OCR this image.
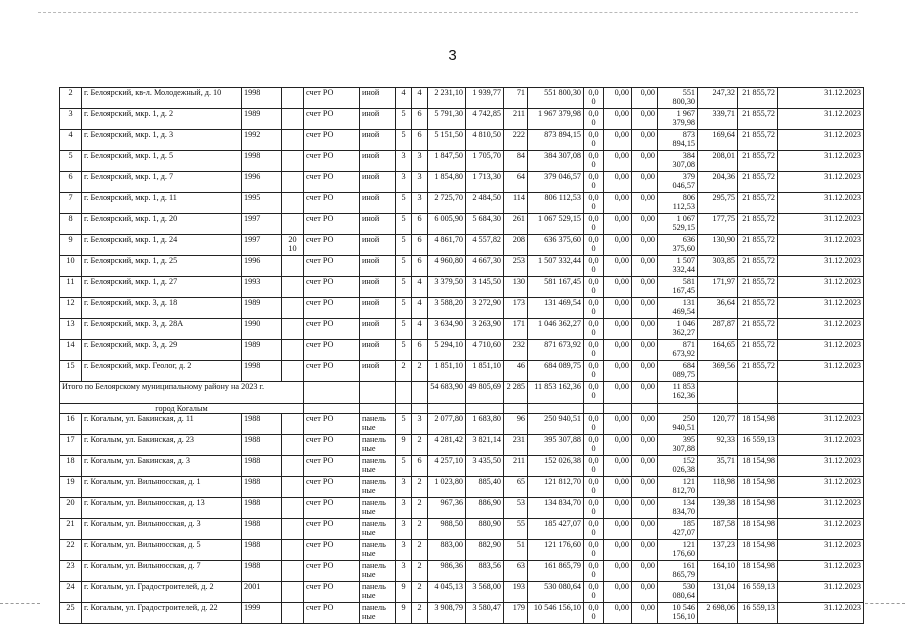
3
2	г. Белоярский, кв-л. Молодежный, д. 10	1998		счет РО	иной	4	4	2 231,10	1 939,77	71	551 800,30	0,0 0	0,00	0,00	551 800,30	247,32	21 855,72	31.12.2023
3	г. Белоярский, мкр. 1, д. 2	1989		счет РО	иной	5	6	5 791,30	4 742,85	211	1 967 379,98	0,0 0	0,00	0,00	1 967 379,98	339,71	21 855,72	31.12.2023
4	г. Белоярский, мкр. 1, д. 3	1992		счет РО	иной	5	6	5 151,50	4 810,50	222	873 894,15	0,0 0	0,00	0,00	873 894,15	169,64	21 855,72	31.12.2023
5	г. Белоярский, мкр. 1, д. 5	1998		счет РО	иной	3	3	1 847,50	1 705,70	84	384 307,08	0,0 0	0,00	0,00	384 307,08	208,01	21 855,72	31.12.2023
6	г. Белоярский, мкр. 1, д. 7	1996		счет РО	иной	3	3	1 854,80	1 713,30	64	379 046,57	0,0 0	0,00	0,00	379 046,57	204,36	21 855,72	31.12.2023
7	г. Белоярский, мкр. 1, д. 11	1995		счет РО	иной	5	3	2 725,70	2 484,50	114	806 112,53	0,0 0	0,00	0,00	806 112,53	295,75	21 855,72	31.12.2023
8	г. Белоярский, мкр. 1, д. 20	1997		счет РО	иной	5	6	6 005,90	5 684,30	261	1 067 529,15	0,0 0	0,00	0,00	1 067 529,15	177,75	21 855,72	31.12.2023
9	г. Белоярский, мкр. 1, д. 24	1997	20 10	счет РО	иной	5	6	4 861,70	4 557,82	208	636 375,60	0,0 0	0,00	0,00	636 375,60	130,90	21 855,72	31.12.2023
10	г. Белоярский, мкр. 1, д. 25	1996		счет РО	иной	5	6	4 960,80	4 667,30	253	1 507 332,44	0,0 0	0,00	0,00	1 507 332,44	303,85	21 855,72	31.12.2023
11	г. Белоярский, мкр. 1, д. 27	1993		счет РО	иной	5	4	3 379,50	3 145,50	130	581 167,45	0,0 0	0,00	0,00	581 167,45	171,97	21 855,72	31.12.2023
12	г. Белоярский, мкр. 3, д. 18	1989		счет РО	иной	5	4	3 588,20	3 272,90	173	131 469,54	0,0 0	0,00	0,00	131 469,54	36,64	21 855,72	31.12.2023
13	г. Белоярский, мкр. 3, д. 28А	1990		счет РО	иной	5	4	3 634,90	3 263,90	171	1 046 362,27	0,0 0	0,00	0,00	1 046 362,27	287,87	21 855,72	31.12.2023
14	г. Белоярский, мкр. 3, д. 29	1989		счет РО	иной	5	6	5 294,10	4 710,60	232	871 673,92	0,0 0	0,00	0,00	871 673,92	164,65	21 855,72	31.12.2023
15	г. Белоярский, мкр. Геолог, д. 2	1998		счет РО	иной	2	2	1 851,10	1 851,10	46	684 089,75	0,0 0	0,00	0,00	684 089,75	369,56	21 855,72	31.12.2023
Итого по Белоярскому муниципальному району на 2023 г.								54 683,90	49 805,69	2 285	11 853 162,36	0,0 0	0,00	0,00	11 853 162,36			
город Когалым																		
16	г. Когалым, ул. Бакинская, д. 11	1988		счет РО	панель ные	5	3	2 077,80	1 683,80	96	250 940,51	0,0 0	0,00	0,00	250 940,51	120,77	18 154,98	31.12.2023
17	г. Когалым, ул. Бакинская, д. 23	1988		счет РО	панель ные	9	2	4 281,42	3 821,14	231	395 307,88	0,0 0	0,00	0,00	395 307,88	92,33	16 559,13	31.12.2023
18	г. Когалым, ул. Бакинская, д. 3	1988		счет РО	панель ные	5	6	4 257,10	3 435,50	211	152 026,38	0,0 0	0,00	0,00	152 026,38	35,71	18 154,98	31.12.2023
19	г. Когалым, ул. Вильнюсская, д. 1	1988		счет РО	панель ные	3	2	1 023,80	885,40	65	121 812,70	0,0 0	0,00	0,00	121 812,70	118,98	18 154,98	31.12.2023
20	г. Когалым, ул. Вильнюсская, д. 13	1988		счет РО	панель ные	3	2	967,36	886,90	53	134 834,70	0,0 0	0,00	0,00	134 834,70	139,38	18 154,98	31.12.2023
21	г. Когалым, ул. Вильнюсская, д. 3	1988		счет РО	панель ные	3	2	988,50	880,90	55	185 427,07	0,0 0	0,00	0,00	185 427,07	187,58	18 154,98	31.12.2023
22	г. Когалым, ул. Вильнюсская, д. 5	1988		счет РО	панель ные	3	2	883,00	882,90	51	121 176,60	0,0 0	0,00	0,00	121 176,60	137,23	18 154,98	31.12.2023
23	г. Когалым, ул. Вильнюсская, д. 7	1988		счет РО	панель ные	3	2	986,36	883,56	63	161 865,79	0,0 0	0,00	0,00	161 865,79	164,10	18 154,98	31.12.2023
24	г. Когалым, ул. Градостроителей, д. 2	2001		счет РО	панель ные	9	2	4 045,13	3 568,00	193	530 080,64	0,0 0	0,00	0,00	530 080,64	131,04	16 559,13	31.12.2023
25	г. Когалым, ул. Градостроителей, д. 22	1999		счет РО	панель ные	9	2	3 908,79	3 580,47	179	10 546 156,10	0,0 0	0,00	0,00	10 546 156,10	2 698,06	16 559,13	31.12.2023
